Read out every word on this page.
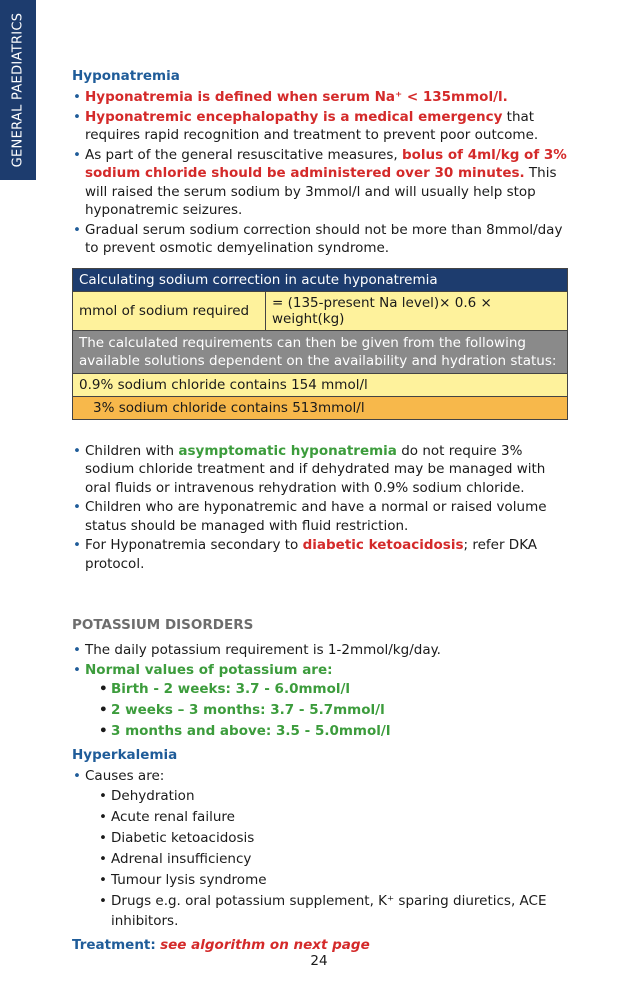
GENERAL PAEDIATRICS	Hyponatremia
• Hyponatremia is defined when serum Na⁺ < 135mmol/l.
• Hyponatremic encephalopathy is a medical emergency that requires rapid recognition and treatment to prevent poor outcome.
• As part of the general resuscitative measures, bolus of 4ml/kg of 3% sodium chloride should be administered over 30 minutes. This will raised the serum sodium by 3mmol/l and will usually help stop hyponatremic seizures.
• Gradual serum sodium correction should not be more than 8mmol/day to prevent osmotic demyelination syndrome.
Calculating sodium correction in acute hyponatremia
mmol of sodium required	= (135-present Na level)× 0.6 × weight(kg)
The calculated requirements can then be given from the following available solutions dependent on the availability and hydration status:
0.9% sodium chloride contains 154 mmol/l
3% sodium chloride contains 513mmol/l
• Children with asymptomatic hyponatremia do not require 3% sodium chloride treatment and if dehydrated may be managed with oral fluids or intravenous rehydration with 0.9% sodium chloride.
• Children who are hyponatremic and have a normal or raised volume status should be managed with fluid restriction.
• For Hyponatremia secondary to diabetic ketoacidosis; refer DKA protocol.
POTASSIUM DISORDERS
• The daily potassium requirement is 1-2mmol/kg/day.
• Normal values of potassium are:
• Birth - 2 weeks: 3.7 - 6.0mmol/l
• 2 weeks – 3 months: 3.7 - 5.7mmol/l
• 3 months and above: 3.5 - 5.0mmol/l
Hyperkalemia
• Causes are:
• Dehydration
• Acute renal failure
• Diabetic ketoacidosis
• Adrenal insufficiency
• Tumour lysis syndrome
• Drugs e.g. oral potassium supplement, K⁺ sparing diuretics, ACE inhibitors.
Treatment: see algorithm on next page
24
